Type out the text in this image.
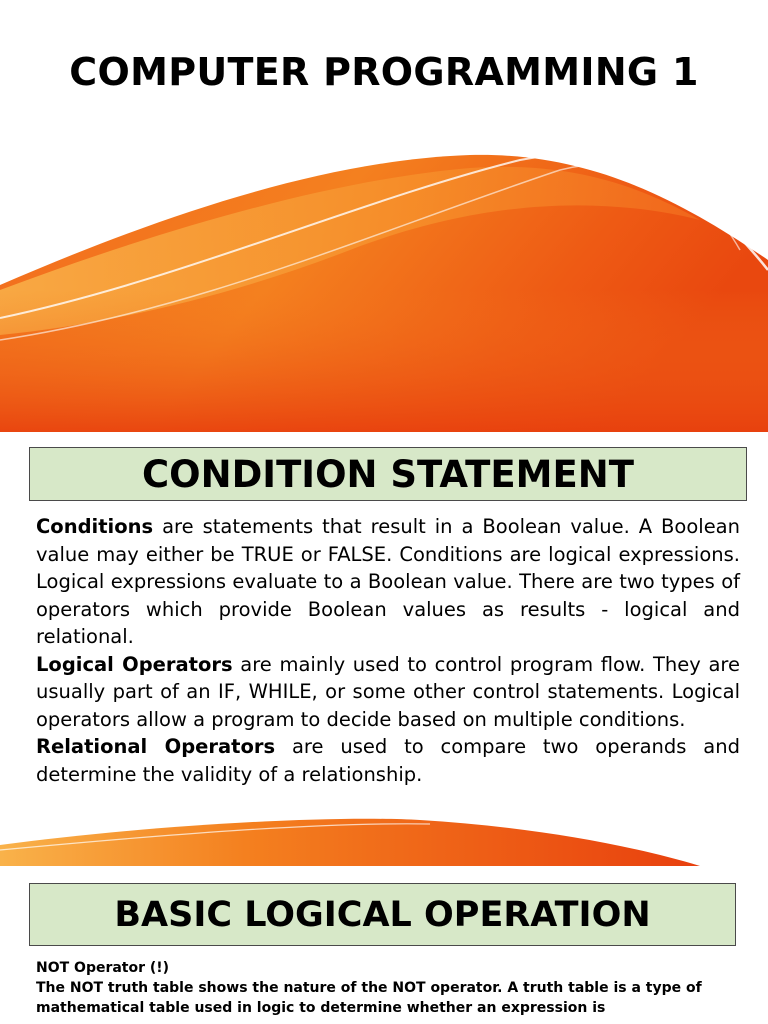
COMPUTER PROGRAMMING 1
CONDITION STATEMENT

Conditions are statements that result in a Boolean value. A Boolean value may either be TRUE or FALSE. Conditions are logical expressions. Logical expressions evaluate to a Boolean value. There are two types of operators which provide Boolean values as results - logical and relational.

Logical Operators are mainly used to control program flow. They are usually part of an IF, WHILE, or some other control statements. Logical operators allow a program to decide based on multiple conditions.

Relational Operators are used to compare two operands and determine the validity of a relationship.

BASIC LOGICAL OPERATION

NOT Operator (!)

The NOT truth table shows the nature of the NOT operator. A truth table is a type of mathematical table used in logic to determine whether an expression is
